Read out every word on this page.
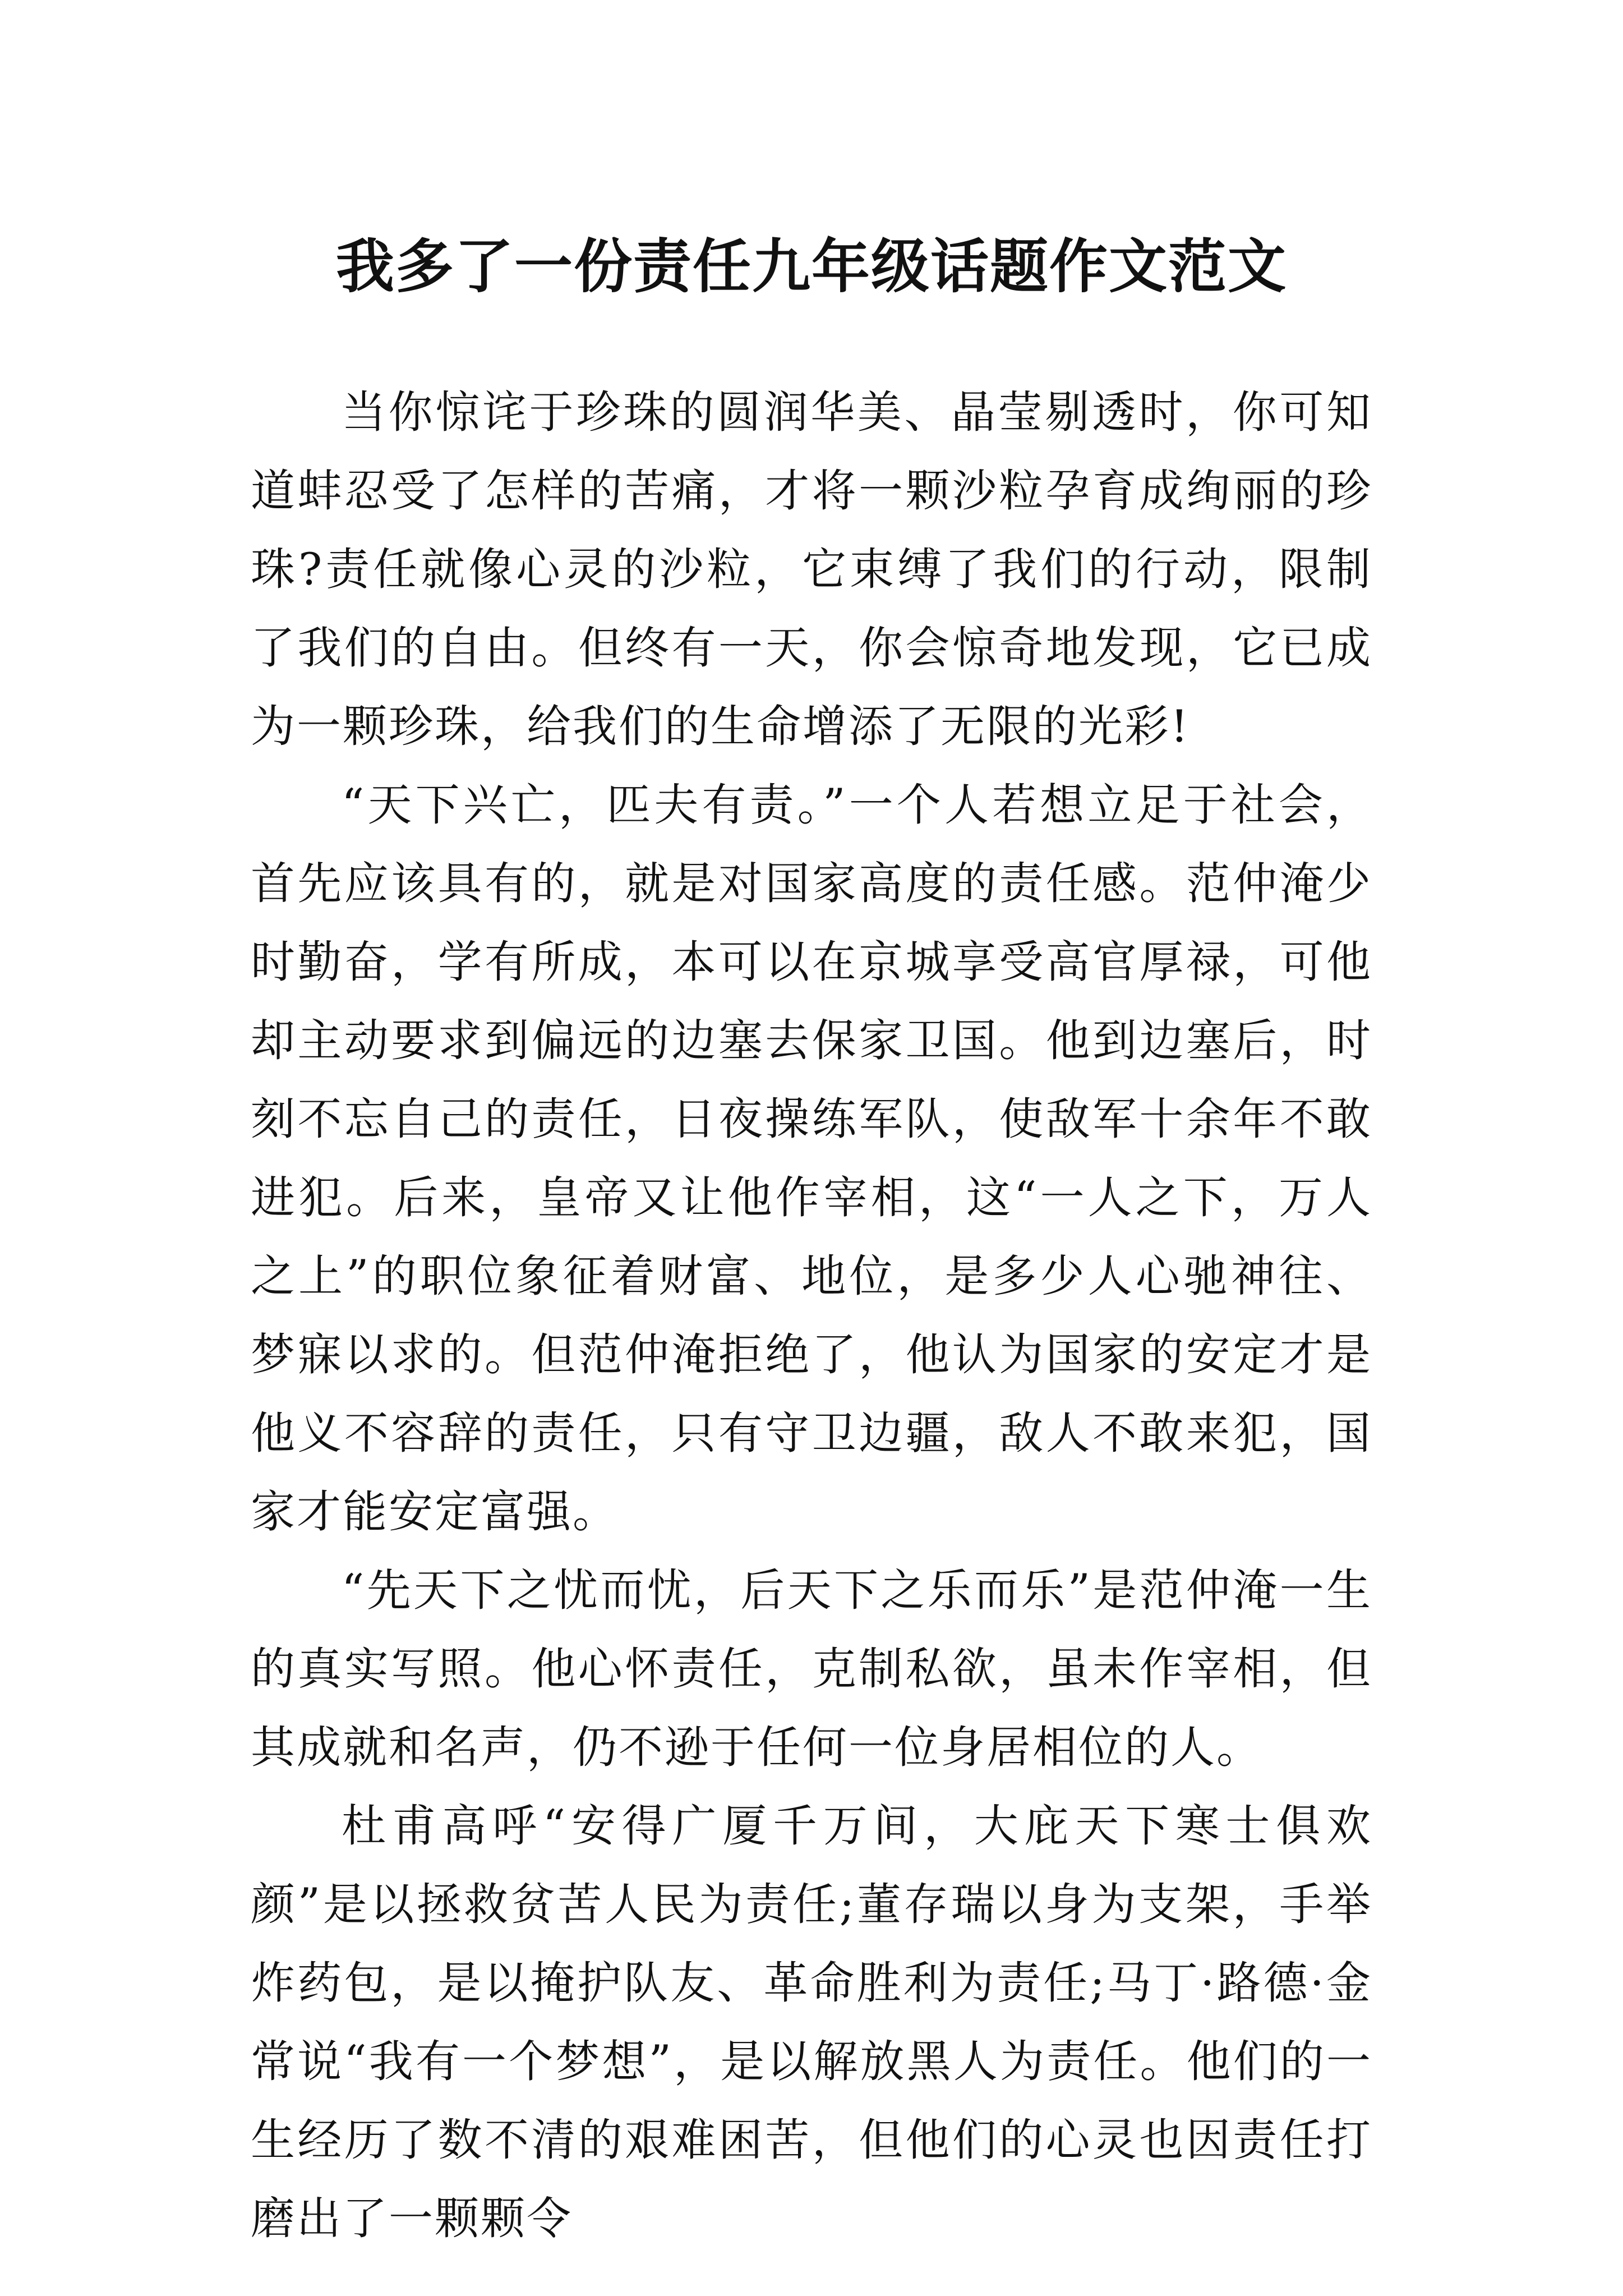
我多了一份责任九年级话题作文范文

当你惊诧于珍珠的圆润华美、晶莹剔透时，你可知道蚌忍受了怎样的苦痛，才将一颗沙粒孕育成绚丽的珍珠?责任就像心灵的沙粒，它束缚了我们的行动，限制了我们的自由。但终有一天，你会惊奇地发现，它已成为一颗珍珠，给我们的生命增添了无限的光彩!

“天下兴亡，匹夫有责。”一个人若想立足于社会，首先应该具有的，就是对国家高度的责任感。范仲淹少时勤奋，学有所成，本可以在京城享受高官厚禄，可他却主动要求到偏远的边塞去保家卫国。他到边塞后，时刻不忘自己的责任，日夜操练军队，使敌军十余年不敢进犯。后来，皇帝又让他作宰相，这“一人之下，万人之上”的职位象征着财富、地位，是多少人心驰神往、梦寐以求的。但范仲淹拒绝了，他认为国家的安定才是他义不容辞的责任，只有守卫边疆，敌人不敢来犯，国家才能安定富强。

“先天下之忧而忧，后天下之乐而乐”是范仲淹一生的真实写照。他心怀责任，克制私欲，虽未作宰相，但其成就和名声，仍不逊于任何一位身居相位的人。

杜甫高呼“安得广厦千万间，大庇天下寒士俱欢颜”是以拯救贫苦人民为责任;董存瑞以身为支架，手举炸药包，是以掩护队友、革命胜利为责任;马丁·路德·金常说“我有一个梦想”，是以解放黑人为责任。他们的一生经历了数不清的艰难困苦，但他们的心灵也因责任打磨出了一颗颗令
